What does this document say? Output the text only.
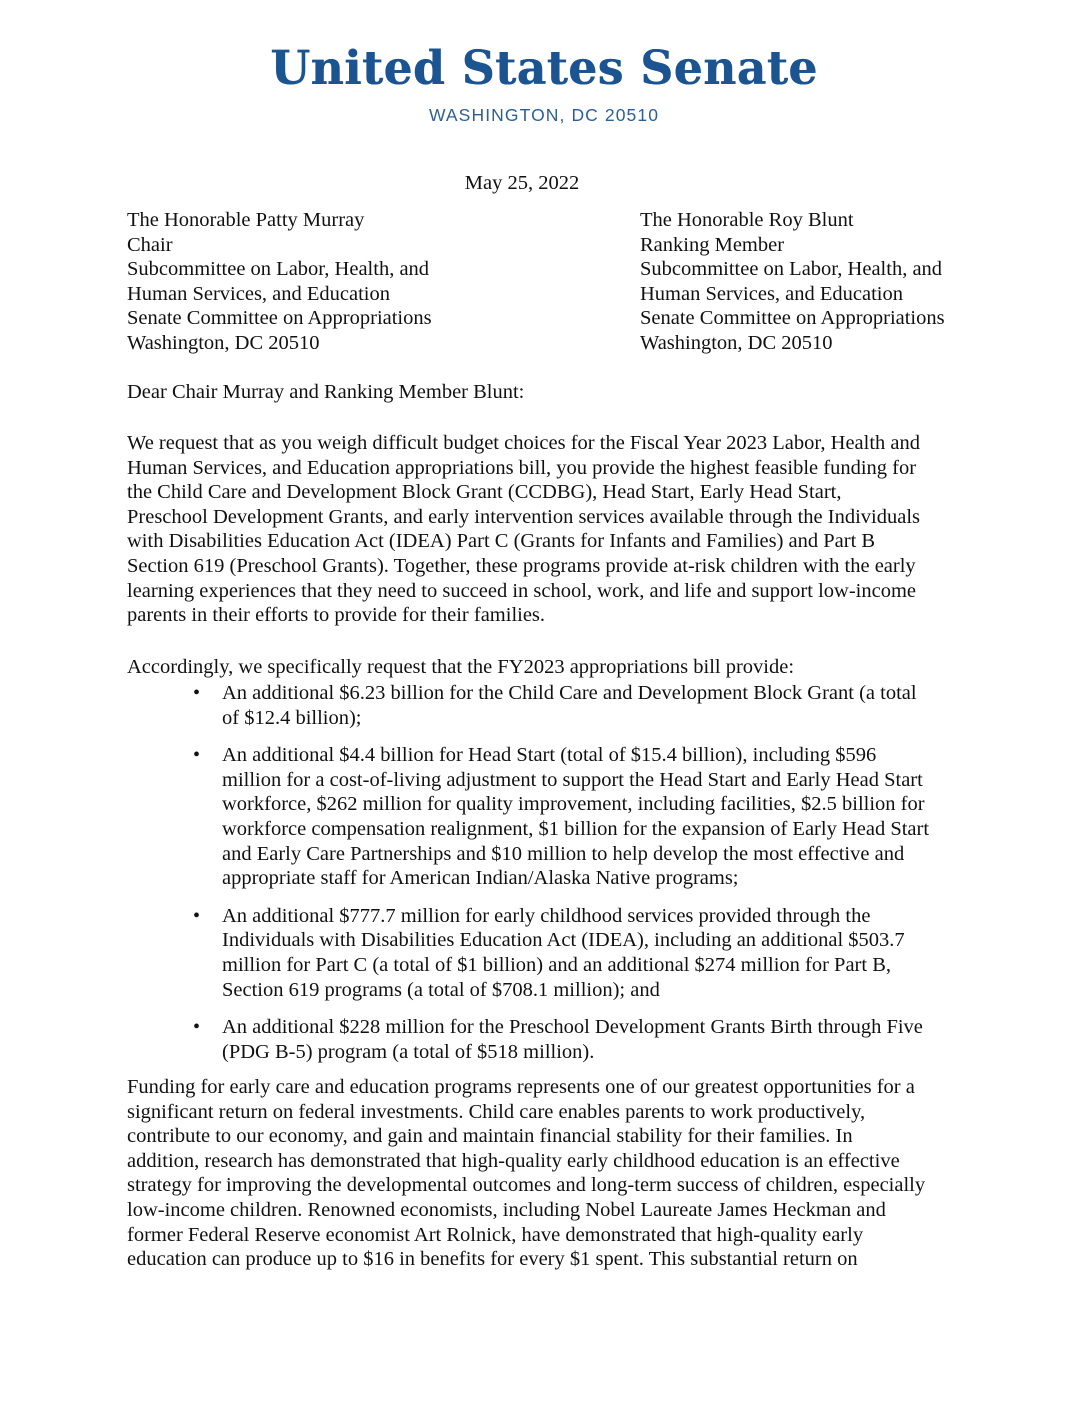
United States Senate
WASHINGTON, DC 20510
May 25, 2022
The Honorable Patty Murray
Chair
Subcommittee on Labor, Health, and
Human Services, and Education
Senate Committee on Appropriations
Washington, DC 20510
The Honorable Roy Blunt
Ranking Member
Subcommittee on Labor, Health, and
Human Services, and Education
Senate Committee on Appropriations
Washington, DC 20510
Dear Chair Murray and Ranking Member Blunt:
We request that as you weigh difficult budget choices for the Fiscal Year 2023 Labor, Health and
Human Services, and Education appropriations bill, you provide the highest feasible funding for
the Child Care and Development Block Grant (CCDBG), Head Start, Early Head Start,
Preschool Development Grants, and early intervention services available through the Individuals
with Disabilities Education Act (IDEA) Part C (Grants for Infants and Families) and Part B
Section 619 (Preschool Grants). Together, these programs provide at-risk children with the early
learning experiences that they need to succeed in school, work, and life and support low-income
parents in their efforts to provide for their families.
Accordingly, we specifically request that the FY2023 appropriations bill provide:
• An additional $6.23 billion for the Child Care and Development Block Grant (a total
of $12.4 billion);
• An additional $4.4 billion for Head Start (total of $15.4 billion), including $596
million for a cost-of-living adjustment to support the Head Start and Early Head Start
workforce, $262 million for quality improvement, including facilities, $2.5 billion for
workforce compensation realignment, $1 billion for the expansion of Early Head Start
and Early Care Partnerships and $10 million to help develop the most effective and
appropriate staff for American Indian/Alaska Native programs;
• An additional $777.7 million for early childhood services provided through the
Individuals with Disabilities Education Act (IDEA), including an additional $503.7
million for Part C (a total of $1 billion) and an additional $274 million for Part B,
Section 619 programs (a total of $708.1 million); and
• An additional $228 million for the Preschool Development Grants Birth through Five
(PDG B-5) program (a total of $518 million).
Funding for early care and education programs represents one of our greatest opportunities for a
significant return on federal investments. Child care enables parents to work productively,
contribute to our economy, and gain and maintain financial stability for their families. In
addition, research has demonstrated that high-quality early childhood education is an effective
strategy for improving the developmental outcomes and long-term success of children, especially
low-income children. Renowned economists, including Nobel Laureate James Heckman and
former Federal Reserve economist Art Rolnick, have demonstrated that high-quality early
education can produce up to $16 in benefits for every $1 spent. This substantial return on
